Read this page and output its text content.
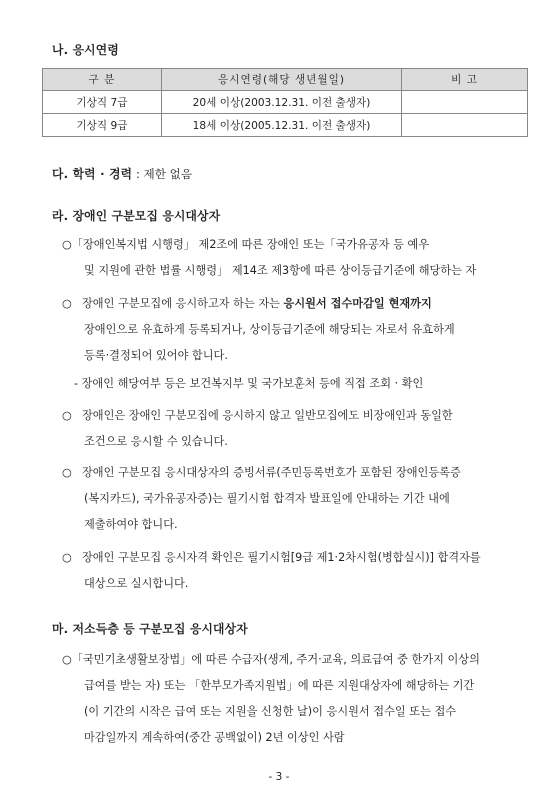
나. 응시연령
구 분	응시연령(해당 생년월일)	비 고
기상직 7급	20세 이상(2003.12.31. 이전 출생자)	
기상직 9급	18세 이상(2005.12.31. 이전 출생자)	
다. 학력 · 경력 : 제한 없음
라. 장애인 구분모집 응시대상자

○「장애인복지법 시행령」 제2조에 따른 장애인 또는「국가유공자 등 예우

및 지원에 관한 법률 시행령」 제14조 제3항에 따른 상이등급기준에 해당하는 자

○ 장애인 구분모집에 응시하고자 하는 자는 응시원서 접수마감일 현재까지

장애인으로 유효하게 등록되거나, 상이등급기준에 해당되는 자로서 유효하게

등록·결정되어 있어야 합니다.

- 장애인 해당여부 등은 보건복지부 및 국가보훈처 등에 직접 조회 · 확인

○ 장애인은 장애인 구분모집에 응시하지 않고 일반모집에도 비장애인과 동일한

조건으로 응시할 수 있습니다.

○ 장애인 구분모집 응시대상자의 증빙서류(주민등록번호가 포함된 장애인등록증

(복지카드), 국가유공자증)는 필기시험 합격자 발표일에 안내하는 기간 내에

제출하여야 합니다.

○ 장애인 구분모집 응시자격 확인은 필기시험[9급 제1·2차시험(병합실시)] 합격자를

대상으로 실시합니다.

마. 저소득층 등 구분모집 응시대상자

○「국민기초생활보장법」에 따른 수급자(생계, 주거·교육, 의료급여 중 한가지 이상의

급여를 받는 자) 또는 「한부모가족지원법」에 따른 지원대상자에 해당하는 기간

(이 기간의 시작은 급여 또는 지원을 신청한 날)이 응시원서 접수일 또는 접수

마감일까지 계속하여(중간 공백없이) 2년 이상인 사람

- 3 -
